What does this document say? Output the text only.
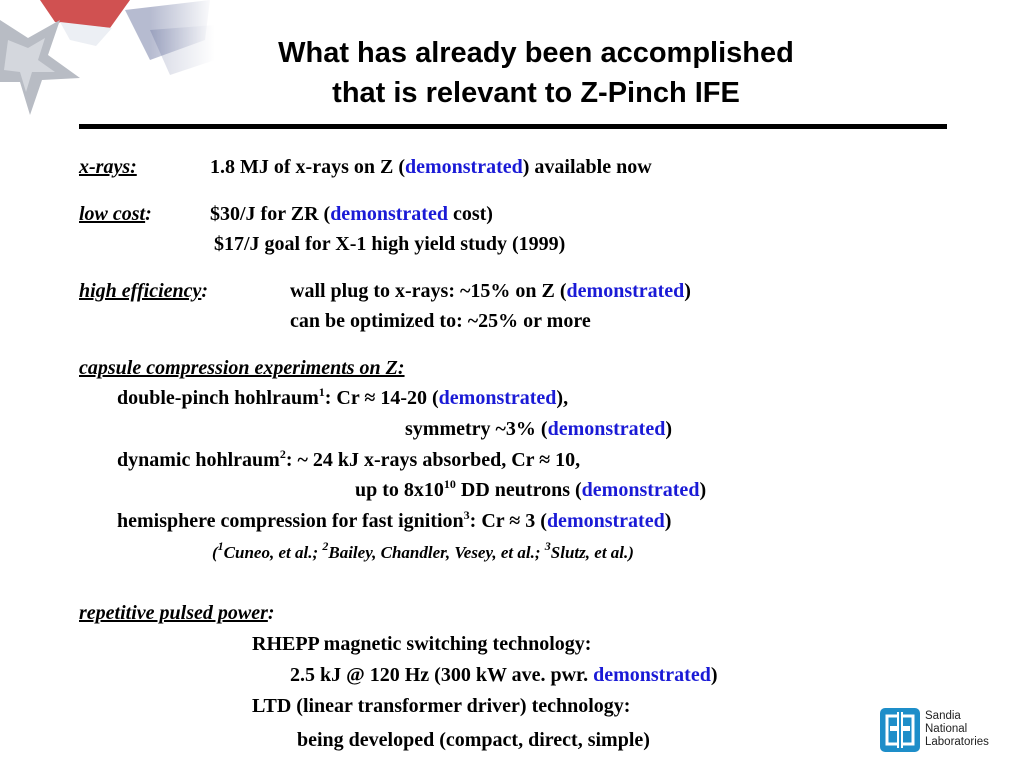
What has already been accomplished
that is relevant to Z-Pinch IFE
x-rays:	1.8 MJ of x-rays on Z (demonstrated) available now
low cost:	$30/J for ZR (demonstrated cost)
$17/J goal for X-1 high yield study (1999)
high efficiency:	wall plug to x-rays: ~15% on Z (demonstrated)
can be optimized to: ~25% or more
capsule compression experiments on Z:
double-pinch hohlraum$^1$: Cr ≈ 14-20 (demonstrated),
symmetry ~3% (demonstrated)
dynamic hohlraum$^2$: ~ 24 kJ x-rays absorbed, Cr ≈ 10,
up to $8x10^{10}$ DD neutrons (demonstrated)
hemisphere compression for fast ignition$^3$: Cr ≈ 3 (demonstrated)
($^1$Cuneo, et al.; $^2$Bailey, Chandler, Vesey, et al.; $^3$Slutz, et al.)
repetitive pulsed power:
RHEPP magnetic switching technology:
2.5 kJ @ 120 Hz (300 kW ave. pwr. demonstrated)
LTD (linear transformer driver) technology:
being developed (compact, direct, simple)
Sandia
National
Laboratories
